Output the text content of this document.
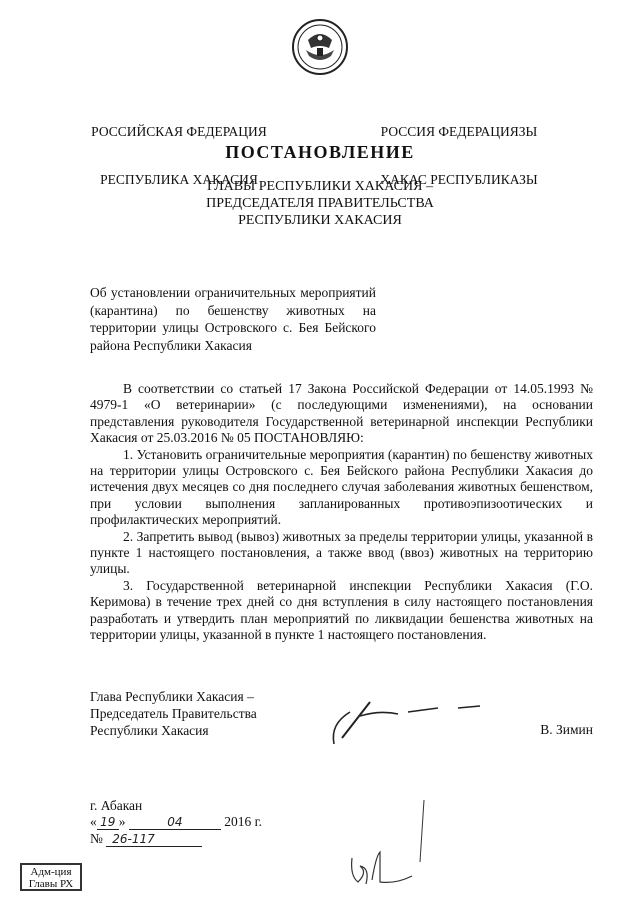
РОССИЙСКАЯ ФЕДЕРАЦИЯ

РЕСПУБЛИКА ХАКАСИЯ

РОССИЯ ФЕДЕРАЦИЯЗЫ

ХАКАС РЕСПУБЛИКАЗЫ

ПОСТАНОВЛЕНИЕ
ГЛАВЫ РЕСПУБЛИКИ ХАКАСИЯ –
ПРЕДСЕДАТЕЛЯ ПРАВИТЕЛЬСТВА
РЕСПУБЛИКИ ХАКАСИЯ
Об установлении ограничительных мероприятий (карантина) по бешенству животных на территории улицы Островского с. Бея Бейского района Республики Хакасия

В соответствии со статьей 17 Закона Российской Федерации от 14.05.1993 № 4979-1 «О ветеринарии» (с последующими изменениями), на основании представления руководителя Государственной ветеринарной инспекции Республики Хакасия от 25.03.2016 № 05 ПОСТАНОВЛЯЮ:

1. Установить ограничительные мероприятия (карантин) по бешенству животных на территории улицы Островского с. Бея Бейского района Республики Хакасия до истечения двух месяцев со дня последнего случая заболевания животных бешенством, при условии выполнения запланированных противоэпизоотических и профилактических мероприятий.

2. Запретить вывод (вывоз) животных за пределы территории улицы, указанной в пункте 1 настоящего постановления, а также ввод (ввоз) животных на территорию улицы.

3. Государственной ветеринарной инспекции Республики Хакасия (Г.О. Керимова) в течение трех дней со дня вступления в силу настоящего постановления разработать и утвердить план мероприятий по ликвидации бешенства животных на территории улицы, указанной в пункте 1 настоящего постановления.

Глава Республики Хакасия –
Председатель Правительства
Республики Хакасия	В. Зимин
г. Абакан
« 19 »	04	2016 г.
№ 26-117
Адм-ция
Главы РХ
